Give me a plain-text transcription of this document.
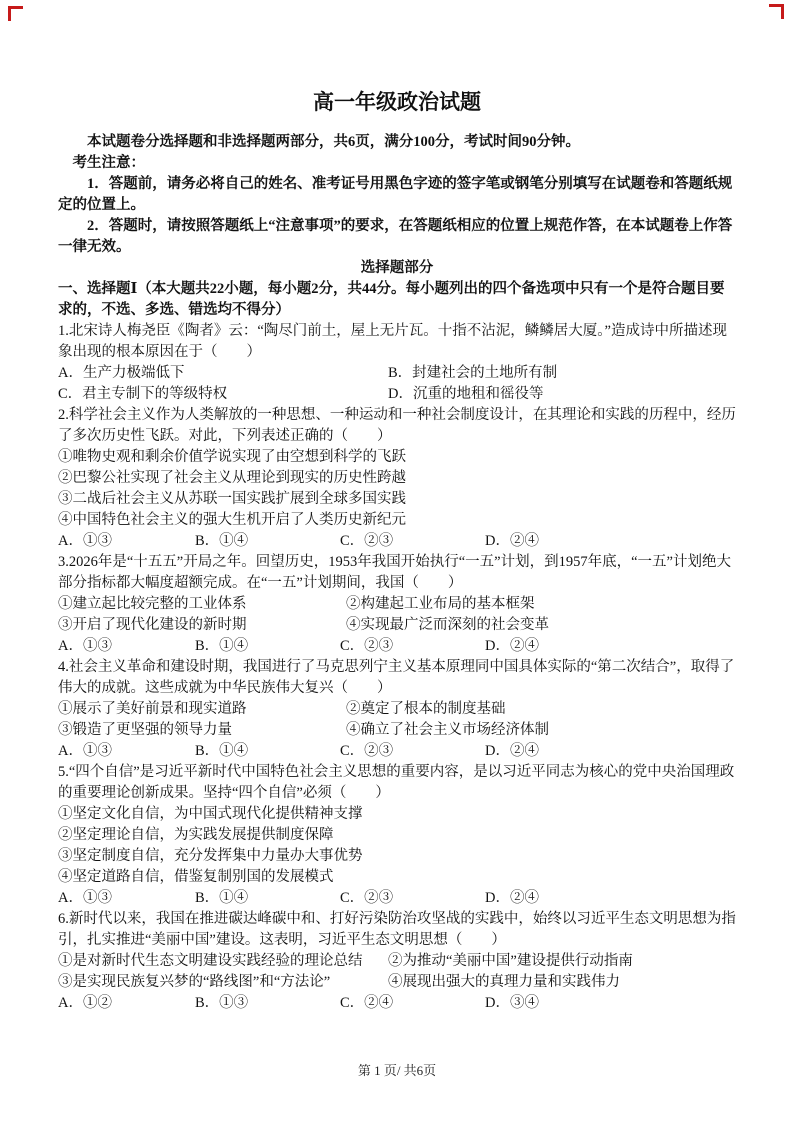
高一年级政治试题

本试题卷分选择题和非选择题两部分，共6页，满分100分，考试时间90分钟。

考生注意：

1．答题前，请务必将自己的姓名、准考证号用黑色字迹的签字笔或钢笔分别填写在试题卷和答题纸规定的位置上。

2．答题时，请按照答题纸上“注意事项”的要求，在答题纸相应的位置上规范作答，在本试题卷上作答一律无效。

选择题部分

一、选择题Ⅰ（本大题共22小题，每小题2分，共44分。每小题列出的四个备选项中只有一个是符合题目要求的，不选、多选、错选均不得分）

1.北宋诗人梅尧臣《陶者》云：“陶尽门前土，屋上无片瓦。十指不沾泥，鳞鳞居大厦。”造成诗中所描述现象出现的根本原因在于（　　）

A．生产力极端低下	B．封建社会的土地所有制
C．君主专制下的等级特权	D．沉重的地租和徭役等

2.科学社会主义作为人类解放的一种思想、一种运动和一种社会制度设计，在其理论和实践的历程中，经历了多次历史性飞跃。对此，下列表述正确的（　　）

①唯物史观和剩余价值学说实现了由空想到科学的飞跃

②巴黎公社实现了社会主义从理论到现实的历史性跨越

③二战后社会主义从苏联一国实践扩展到全球多国实践

④中国特色社会主义的强大生机开启了人类历史新纪元

A．①③	B．①④	C．②③	D．②④

3.2026年是“十五五”开局之年。回望历史，1953年我国开始执行“一五”计划，到1957年底，“一五”计划绝大部分指标都大幅度超额完成。在“一五”计划期间，我国（　　）

①建立起比较完整的工业体系	②构建起工业布局的基本框架
③开启了现代化建设的新时期	④实现最广泛而深刻的社会变革
A．①③	B．①④	C．②③	D．②④

4.社会主义革命和建设时期，我国进行了马克思列宁主义基本原理同中国具体实际的“第二次结合”，取得了伟大的成就。这些成就为中华民族伟大复兴（　　）

①展示了美好前景和现实道路	②奠定了根本的制度基础
③锻造了更坚强的领导力量	④确立了社会主义市场经济体制
A．①③	B．①④	C．②③	D．②④

5.“四个自信”是习近平新时代中国特色社会主义思想的重要内容，是以习近平同志为核心的党中央治国理政的重要理论创新成果。坚持“四个自信”必须（　　）

①坚定文化自信，为中国式现代化提供精神支撑

②坚定理论自信，为实践发展提供制度保障

③坚定制度自信，充分发挥集中力量办大事优势

④坚定道路自信，借鉴复制别国的发展模式

A．①③	B．①④	C．②③	D．②④

6.新时代以来，我国在推进碳达峰碳中和、打好污染防治攻坚战的实践中，始终以习近平生态文明思想为指引，扎实推进“美丽中国”建设。这表明，习近平生态文明思想（　　）

①是对新时代生态文明建设实践经验的理论总结	②为推动“美丽中国”建设提供行动指南
③是实现民族复兴梦的“路线图”和“方法论”	④展现出强大的真理力量和实践伟力
A．①②	B．①③	C．②④	D．③④
第 1 页/ 共6页
